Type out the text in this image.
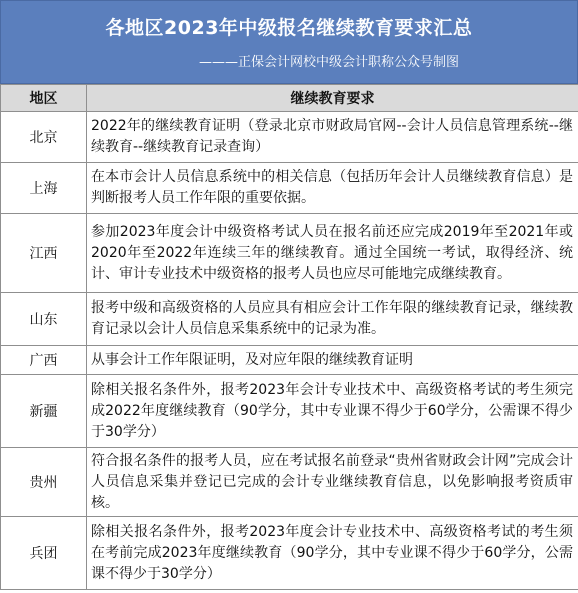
各地区2023年中级报名继续教育要求汇总
———正保会计网校中级会计职称公众号制图
地区	继续教育要求
北京	2022年的继续教育证明（登录北京市财政局官网--会计人员信息管理系统--继续教育--继续教育记录查询）
上海	在本市会计人员信息系统中的相关信息（包括历年会计人员继续教育信息）是判断报考人员工作年限的重要依据。
江西	参加2023年度会计中级资格考试人员在报名前还应完成2019年至2021年或2020年至2022年连续三年的继续教育。通过全国统一考试，取得经济、统计、审计专业技术中级资格的报考人员也应尽可能地完成继续教育。
山东	报考中级和高级资格的人员应具有相应会计工作年限的继续教育记录，继续教育记录以会计人员信息采集系统中的记录为准。
广西	从事会计工作年限证明，及对应年限的继续教育证明
新疆	除相关报名条件外，报考2023年会计专业技术中、高级资格考试的考生须完成2022年度继续教育（90学分，其中专业课不得少于60学分，公需课不得少于30学分）
贵州	符合报名条件的报考人员，应在考试报名前登录“贵州省财政会计网”完成会计人员信息采集并登记已完成的会计专业继续教育信息，以免影响报考资质审核。
兵团	除相关报名条件外，报考2023年度会计专业技术中、高级资格考试的考生须在考前完成2023年度继续教育（90学分，其中专业课不得少于60学分，公需课不得少于30学分）
